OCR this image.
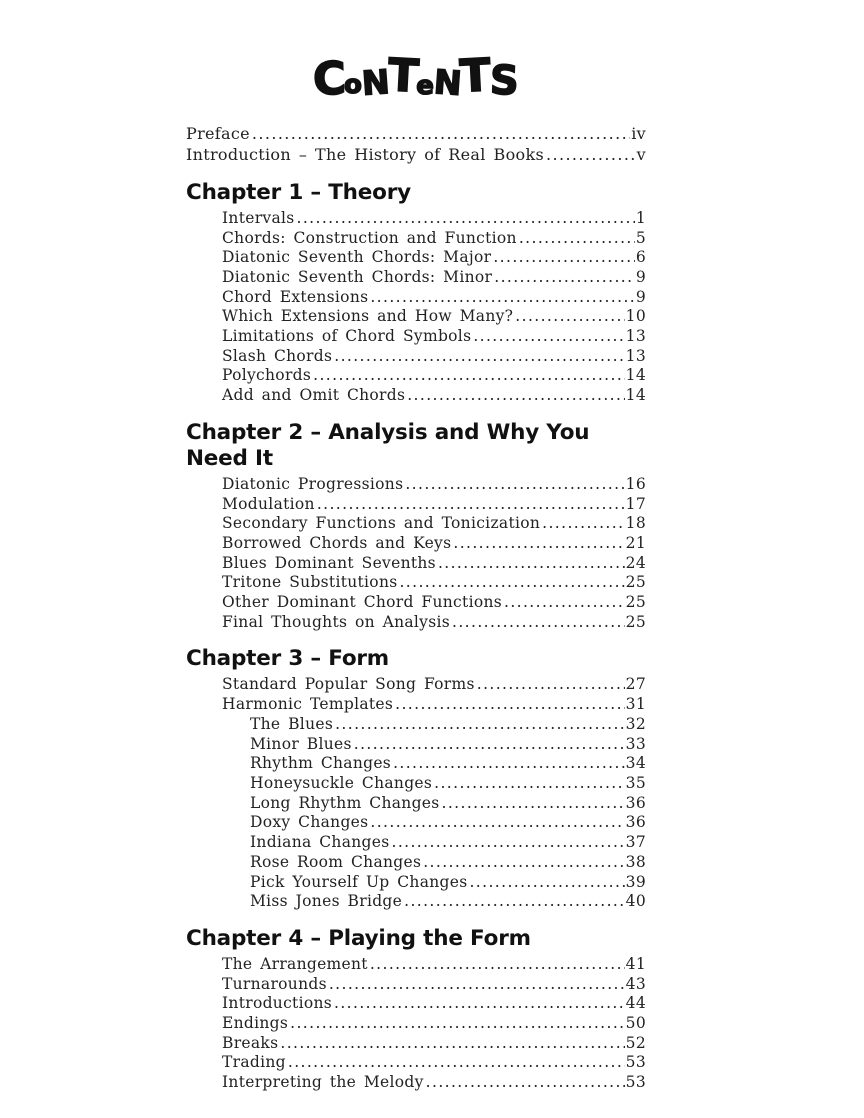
CoNTeNTS
Preface .....	iv
Introduction – The History of Real Books .....	v
Chapter 1 – Theory
Intervals .....	1
Chords: Construction and Function .....	5
Diatonic Seventh Chords: Major .....	6
Diatonic Seventh Chords: Minor .....	9
Chord Extensions .....	9
Which Extensions and How Many? .....	10
Limitations of Chord Symbols .....	13
Slash Chords .....	13
Polychords .....	14
Add and Omit Chords .....	14
Chapter 2 – Analysis and Why You Need It
Diatonic Progressions .....	16
Modulation .....	17
Secondary Functions and Tonicization .....	18
Borrowed Chords and Keys .....	21
Blues Dominant Sevenths .....	24
Tritone Substitutions .....	25
Other Dominant Chord Functions .....	25
Final Thoughts on Analysis .....	25
Chapter 3 – Form
Standard Popular Song Forms .....	27
Harmonic Templates .....	31
The Blues .....	32
Minor Blues .....	33
Rhythm Changes .....	34
Honeysuckle Changes .....	35
Long Rhythm Changes .....	36
Doxy Changes .....	36
Indiana Changes .....	37
Rose Room Changes .....	38
Pick Yourself Up Changes .....	39
Miss Jones Bridge .....	40
Chapter 4 – Playing the Form
The Arrangement .....	41
Turnarounds .....	43
Introductions .....	44
Endings .....	50
Breaks .....	52
Trading .....	53
Interpreting the Melody .....	53
